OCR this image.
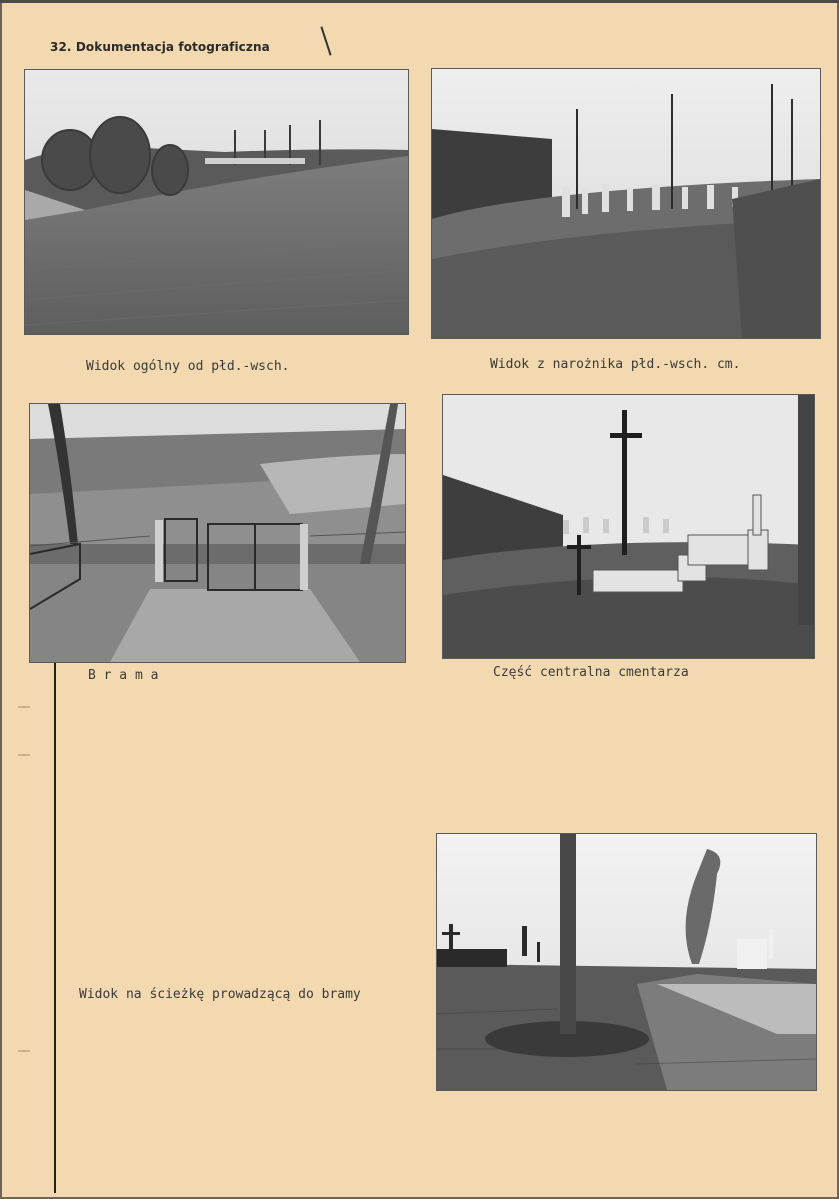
32. Dokumentacja fotograficzna
Widok ogólny od płd.-wsch.	Widok z narożnika płd.-wsch. cm.
B r a m a	Część centralna cmentarza
Widok na ścieżkę prowadzącą do bramy
